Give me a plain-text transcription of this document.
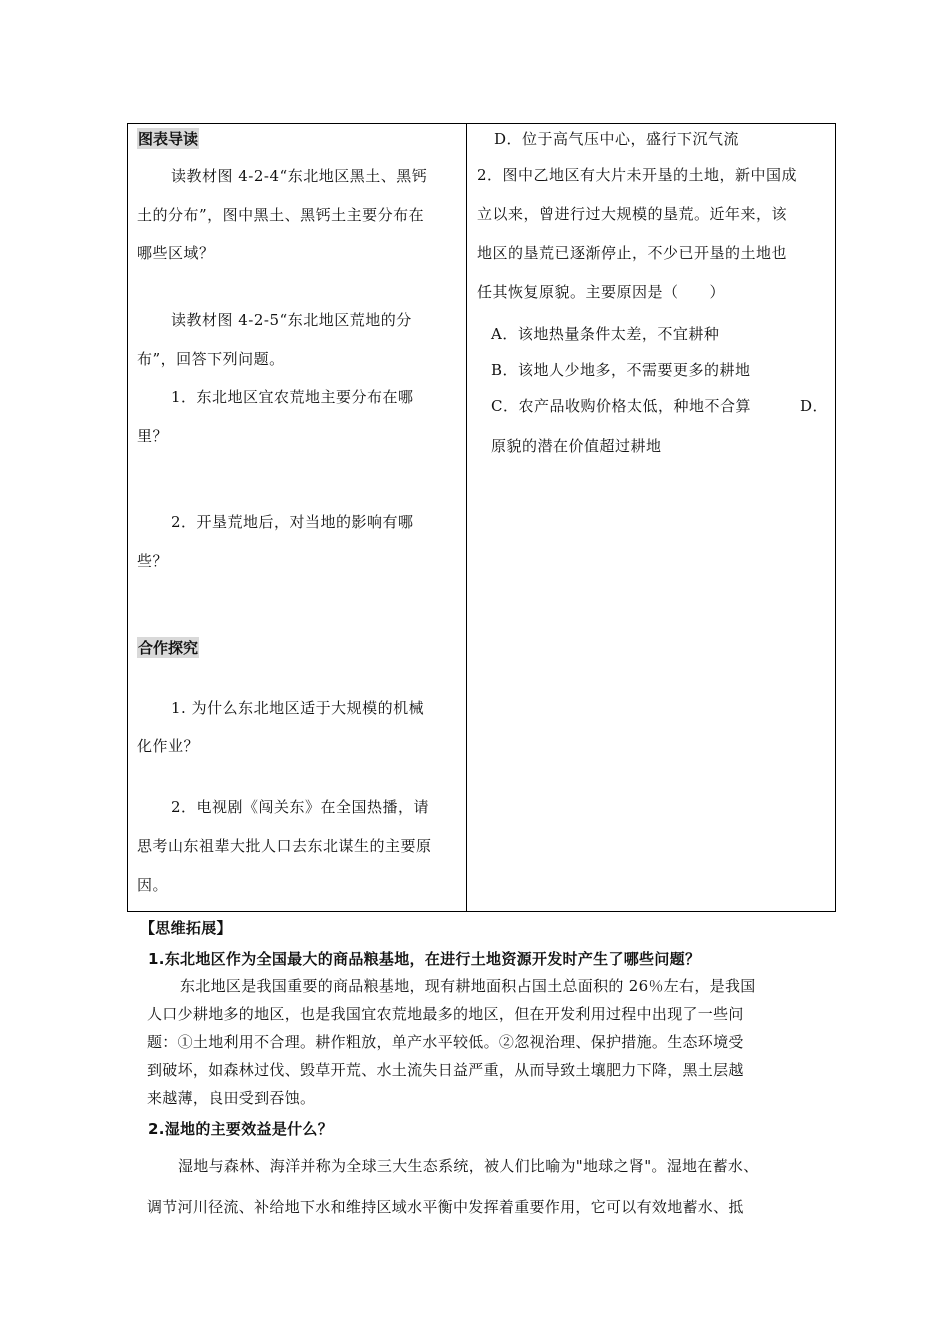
图表导读
读教材图 4-2-4“东北地区黑土、黑钙
土的分布”，图中黑土、黑钙土主要分布在
哪些区域？
读教材图 4-2-5“东北地区荒地的分
布”，回答下列问题。
1．东北地区宜农荒地主要分布在哪
里？
2．开垦荒地后，对当地的影响有哪
些？
合作探究
1. 为什么东北地区适于大规模的机械
化作业？
2．电视剧《闯关东》在全国热播，请
思考山东祖辈大批人口去东北谋生的主要原
因。

D．位于高气压中心，盛行下沉气流
2．图中乙地区有大片未开垦的土地，新中国成
立以来，曾进行过大规模的垦荒。近年来，该
地区的垦荒已逐渐停止，不少已开垦的土地也
任其恢复原貌。主要原因是（　　）
A．该地热量条件太差，不宜耕种
B．该地人少地多，不需要更多的耕地
C．农产品收购价格太低，种地不合算	D．
原貌的潜在价值超过耕地
【思维拓展】
1.东北地区作为全国最大的商品粮基地，在进行土地资源开发时产生了哪些问题？
东北地区是我国重要的商品粮基地，现有耕地面积占国土总面积的 26％左右，是我国
人口少耕地多的地区，也是我国宜农荒地最多的地区，但在开发利用过程中出现了一些问
题：①土地利用不合理。耕作粗放，单产水平较低。②忽视治理、保护措施。生态环境受
到破坏，如森林过伐、毁草开荒、水土流失日益严重，从而导致土壤肥力下降，黑土层越
来越薄，良田受到吞蚀。
2.湿地的主要效益是什么？
湿地与森林、海洋并称为全球三大生态系统，被人们比喻为"地球之肾"。湿地在蓄水、
调节河川径流、补给地下水和维持区域水平衡中发挥着重要作用，它可以有效地蓄水、抵
